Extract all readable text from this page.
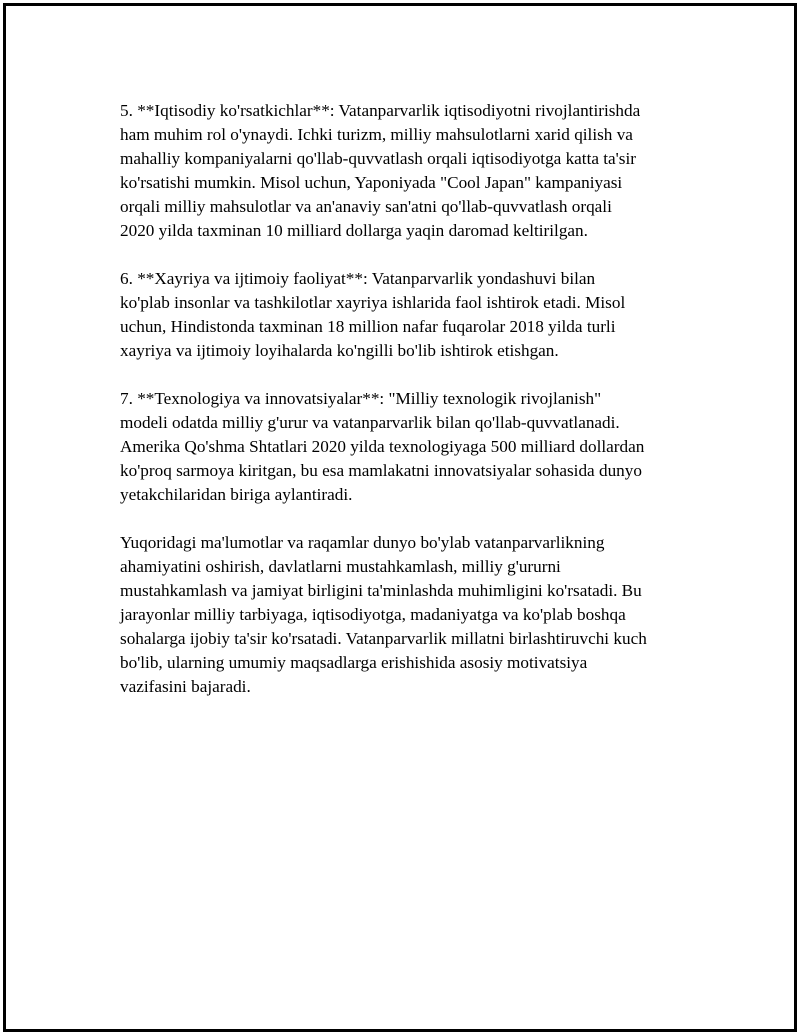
5. **Iqtisodiy ko'rsatkichlar**: Vatanparvarlik iqtisodiyotni rivojlantirishda
ham muhim rol o'ynaydi. Ichki turizm, milliy mahsulotlarni xarid qilish va
mahalliy kompaniyalarni qo'llab-quvvatlash orqali iqtisodiyotga katta ta'sir
ko'rsatishi mumkin. Misol uchun, Yaponiyada "Cool Japan" kampaniyasi
orqali milliy mahsulotlar va an'anaviy san'atni qo'llab-quvvatlash orqali
2020 yilda taxminan 10 milliard dollarga yaqin daromad keltirilgan.

6. **Xayriya va ijtimoiy faoliyat**: Vatanparvarlik yondashuvi bilan
ko'plab insonlar va tashkilotlar xayriya ishlarida faol ishtirok etadi. Misol
uchun, Hindistonda taxminan 18 million nafar fuqarolar 2018 yilda turli
xayriya va ijtimoiy loyihalarda ko'ngilli bo'lib ishtirok etishgan.

7. **Texnologiya va innovatsiyalar**: "Milliy texnologik rivojlanish"
modeli odatda milliy g'urur va vatanparvarlik bilan qo'llab-quvvatlanadi.
Amerika Qo'shma Shtatlari 2020 yilda texnologiyaga 500 milliard dollardan
ko'proq sarmoya kiritgan, bu esa mamlakatni innovatsiyalar sohasida dunyo
yetakchilaridan biriga aylantiradi.

Yuqoridagi ma'lumotlar va raqamlar dunyo bo'ylab vatanparvarlikning
ahamiyatini oshirish, davlatlarni mustahkamlash, milliy g'ururni
mustahkamlash va jamiyat birligini ta'minlashda muhimligini ko'rsatadi. Bu
jarayonlar milliy tarbiyaga, iqtisodiyotga, madaniyatga va ko'plab boshqa
sohalarga ijobiy ta'sir ko'rsatadi. Vatanparvarlik millatni birlashtiruvchi kuch
bo'lib, ularning umumiy maqsadlarga erishishida asosiy motivatsiya
vazifasini bajaradi.
